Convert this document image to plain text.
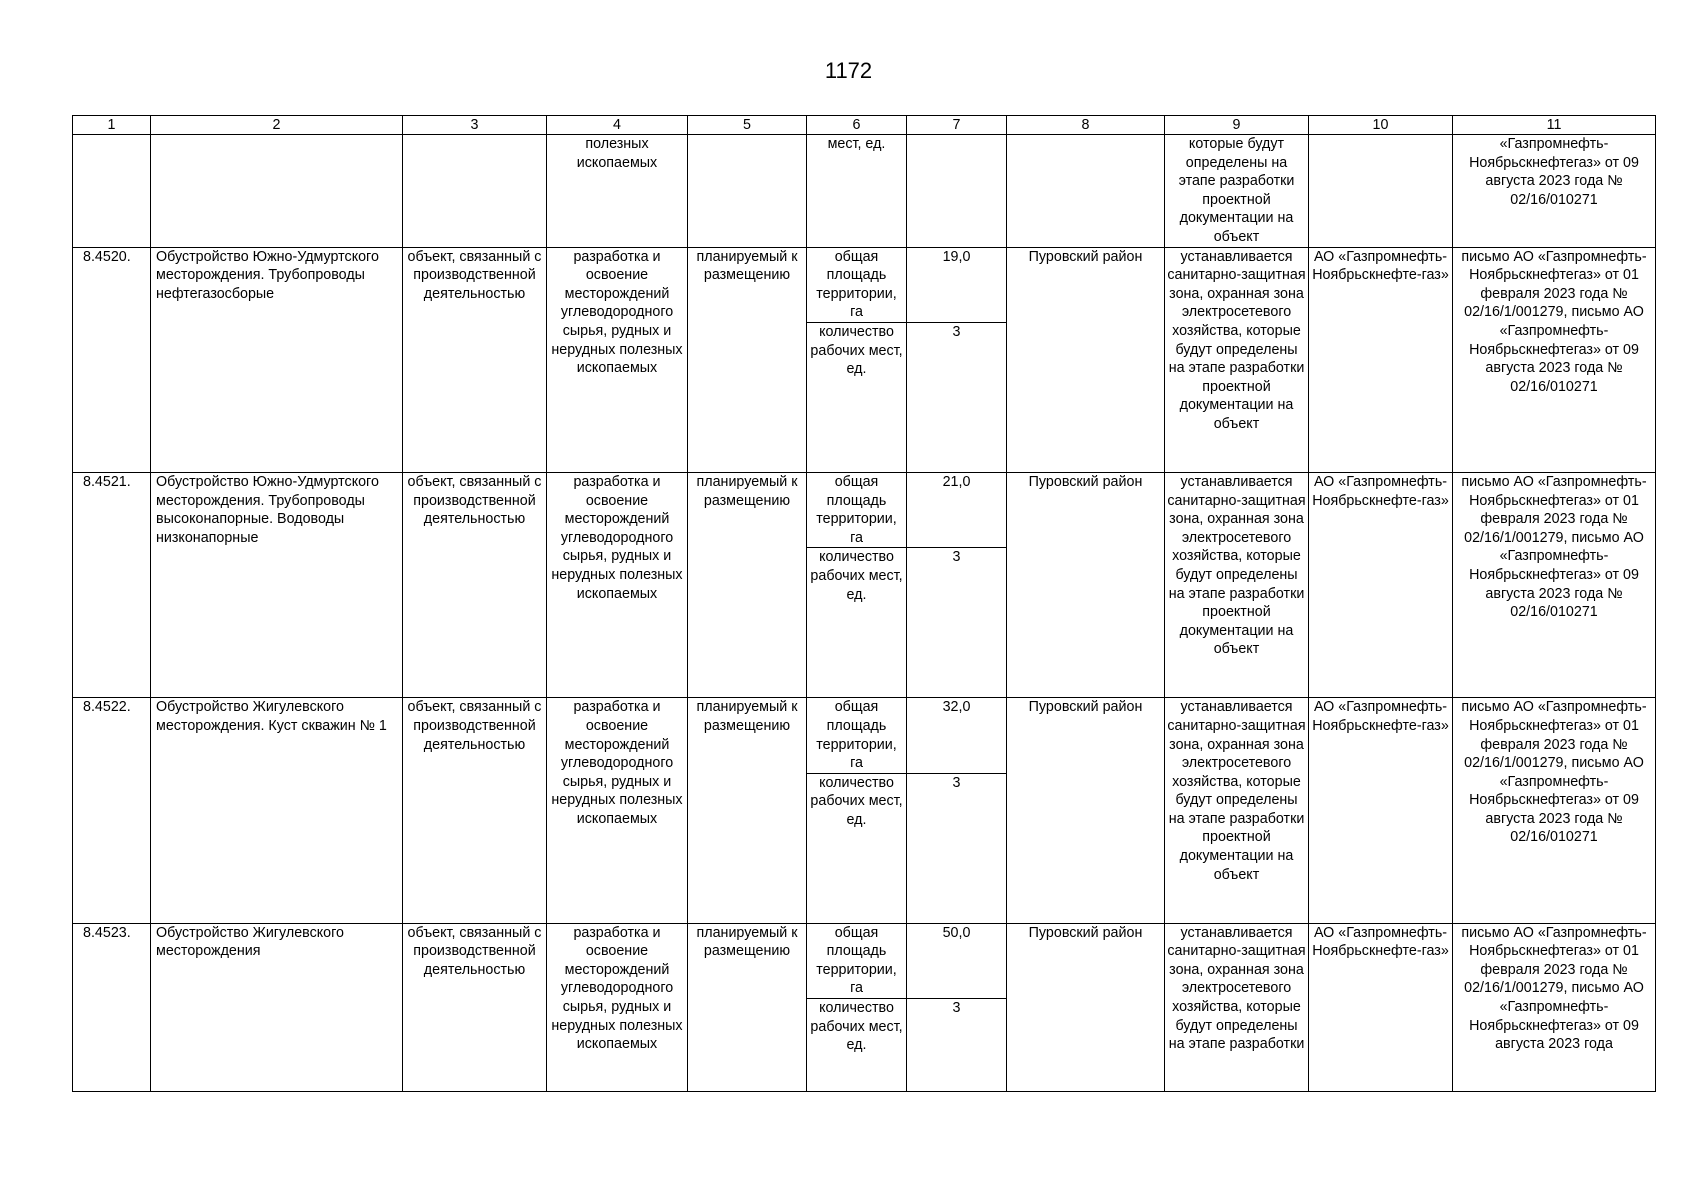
1172
1	2	3	4	5	6	7	8	9	10	11
			полезных ископаемых		мест, ед.			которые будут определены на этапе разработки проектной документации на объект		«Газпромнефть-Ноябрьскнефтегаз» от 09 августа 2023 года № 02/16/010271
8.4520.	Обустройство Южно-Удмуртского месторождения. Трубопроводы нефтегазосборые	объект, связанный с производственной деятельностью	разработка и освоение месторождений углеводородного сырья, рудных и нерудных полезных ископаемых	планируемый к размещению	общая площадь территории, га	19,0	Пуровский район	устанавливается санитарно-защитная зона, охранная зона электросетевого хозяйства, которые будут определены на этапе разработки проектной документации на объект	АО «Газпромнефть-Ноябрьскнефте-газ»	письмо АО «Газпромнефть-Ноябрьскнефтегаз» от 01 февраля 2023 года № 02/16/1/001279, письмо АО «Газпромнефть-Ноябрьскнефтегаз» от 09 августа 2023 года № 02/16/010271
					количество рабочих мест, ед.	3				
8.4521.	Обустройство Южно-Удмуртского месторождения. Трубопроводы высоконапорные. Водоводы низконапорные	объект, связанный с производственной деятельностью	разработка и освоение месторождений углеводородного сырья, рудных и нерудных полезных ископаемых	планируемый к размещению	общая площадь территории, га	21,0	Пуровский район	устанавливается санитарно-защитная зона, охранная зона электросетевого хозяйства, которые будут определены на этапе разработки проектной документации на объект	АО «Газпромнефть-Ноябрьскнефте-газ»	письмо АО «Газпромнефть-Ноябрьскнефтегаз» от 01 февраля 2023 года № 02/16/1/001279, письмо АО «Газпромнефть-Ноябрьскнефтегаз» от 09 августа 2023 года № 02/16/010271
					количество рабочих мест, ед.	3				
8.4522.	Обустройство Жигулевского месторождения. Куст скважин № 1	объект, связанный с производственной деятельностью	разработка и освоение месторождений углеводородного сырья, рудных и нерудных полезных ископаемых	планируемый к размещению	общая площадь территории, га	32,0	Пуровский район	устанавливается санитарно-защитная зона, охранная зона электросетевого хозяйства, которые будут определены на этапе разработки проектной документации на объект	АО «Газпромнефть-Ноябрьскнефте-газ»	письмо АО «Газпромнефть-Ноябрьскнефтегаз» от 01 февраля 2023 года № 02/16/1/001279, письмо АО «Газпромнефть-Ноябрьскнефтегаз» от 09 августа 2023 года № 02/16/010271
					количество рабочих мест, ед.	3				
8.4523.	Обустройство Жигулевского месторождения	объект, связанный с производственной деятельностью	разработка и освоение месторождений углеводородного сырья, рудных и нерудных полезных ископаемых	планируемый к размещению	общая площадь территории, га	50,0	Пуровский район	устанавливается санитарно-защитная зона, охранная зона электросетевого хозяйства, которые будут определены на этапе разработки	АО «Газпромнефть-Ноябрьскнефте-газ»	письмо АО «Газпромнефть-Ноябрьскнефтегаз» от 01 февраля 2023 года № 02/16/1/001279, письмо АО «Газпромнефть-Ноябрьскнефтегаз» от 09 августа 2023 года
					количество рабочих мест, ед.	3				
